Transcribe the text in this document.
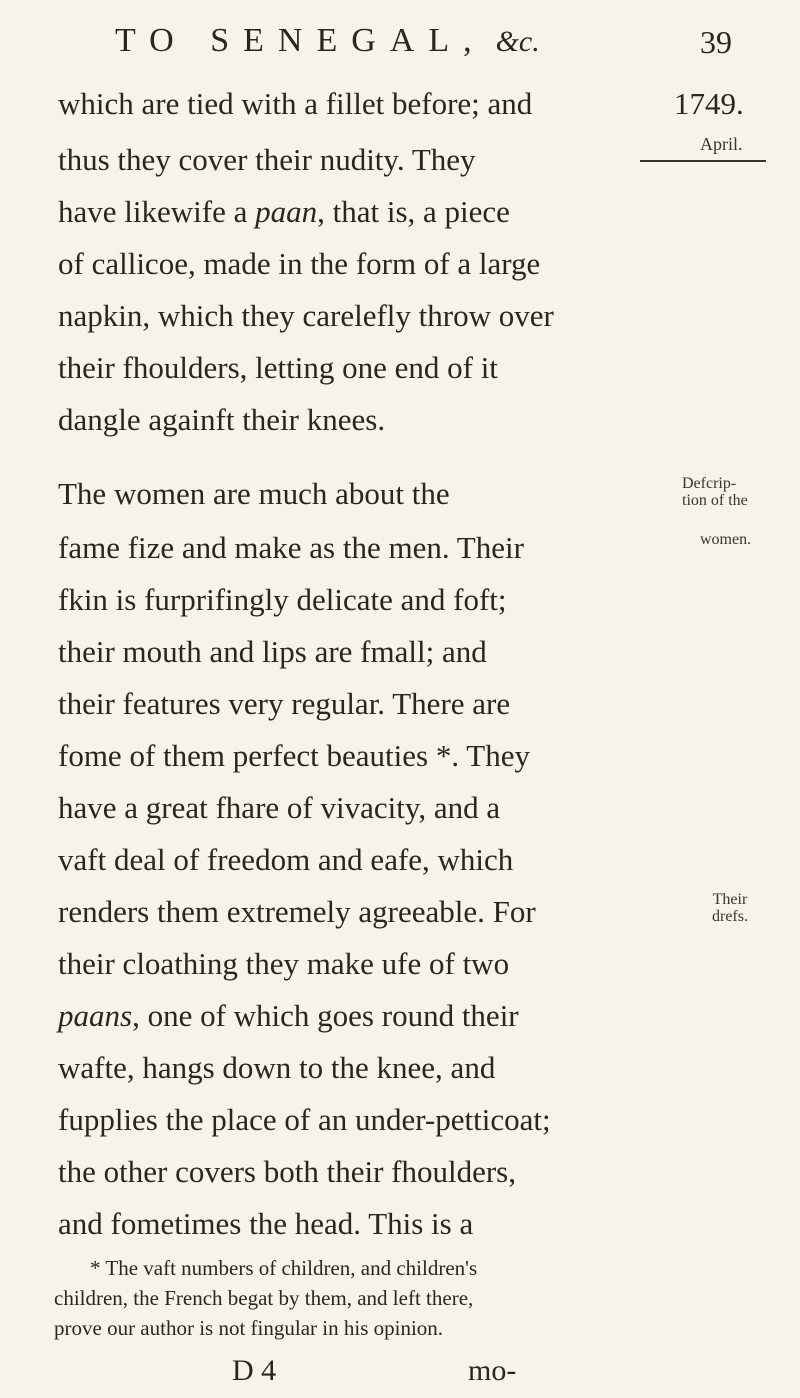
TO SENEGAL, &c.	39
which are tied with a fillet before; and	1749.
thus they cover their nudity. They	April.
have likewife a paan, that is, a piece
of callicoe, made in the form of a large
napkin, which they carelefly throw over
their fhoulders, letting one end of it
dangle againft their knees.
The women are much about the	Defcrip-
tion of the
fame fize and make as the men. Their	women.
fkin is furprifingly delicate and foft;
their mouth and lips are fmall; and
their features very regular. There are
fome of them perfect beauties *. They
have a great fhare of vivacity, and a
vaft deal of freedom and eafe, which
renders them extremely agreeable. For	Their
drefs.
their cloathing they make ufe of two
paans, one of which goes round their
wafte, hangs down to the knee, and
fupplies the place of an under-petticoat;
the other covers both their fhoulders,
and fometimes the head. This is a
* The vaft numbers of children, and children's
children, the French begat by them, and left there,
prove our author is not fingular in his opinion.
D 4	mo-
